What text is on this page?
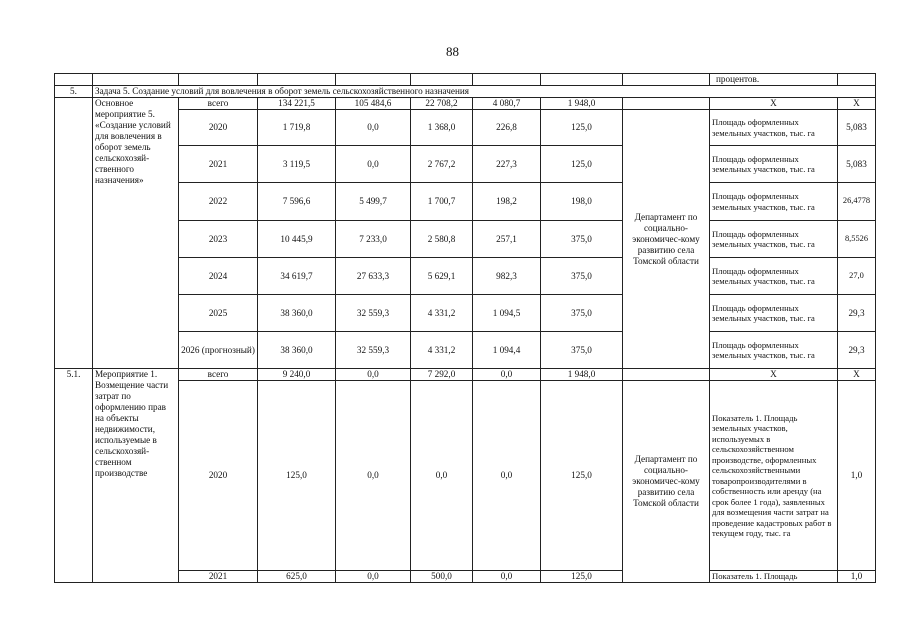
88
									процентов.	
5.	Задача 5. Создание условий для вовлечения в оборот земель сельскохозяйственного назначения									
	Основное мероприятие 5. «Создание условий для вовлечения в оборот земель сельскохозяй-ственного назначения»	всего	134 221,5	105 484,6	22 708,2	4 080,7	1 948,0		X	X
		2020	1 719,8	0,0	1 368,0	226,8	125,0	Департамент по социально-экономичес-кому развитию села Томской области	Площадь оформленных земельных участков, тыс. га	5,083
		2021	3 119,5	0,0	2 767,2	227,3	125,0		Площадь оформленных земельных участков, тыс. га	5,083
		2022	7 596,6	5 499,7	1 700,7	198,2	198,0		Площадь оформленных земельных участков, тыс. га	26,4778
		2023	10 445,9	7 233,0	2 580,8	257,1	375,0		Площадь оформленных земельных участков, тыс. га	8,5526
		2024	34 619,7	27 633,3	5 629,1	982,3	375,0		Площадь оформленных земельных участков, тыс. га	27,0
		2025	38 360,0	32 559,3	4 331,2	1 094,5	375,0		Площадь оформленных земельных участков, тыс. га	29,3
		2026 (прогнозный)	38 360,0	32 559,3	4 331,2	1 094,4	375,0		Площадь оформленных земельных участков, тыс. га	29,3
5.1.	Мероприятие 1. Возмещение части затрат по оформлению прав на объекты недвижимости, используемые в сельскохозяй-ственном производстве	всего	9 240,0	0,0	7 292,0	0,0	1 948,0		X	X
		2020	125,0	0,0	0,0	0,0	125,0	Департамент по социально-экономичес-кому развитию села Томской области	Показатель 1. Площадь земельных участков, используемых в сельскохозяйственном производстве, оформленных сельскохозяйственными товаропроизводителями в собственность или аренду (на срок более 1 года), заявленных для возмещения части затрат на проведение кадастровых работ в текущем году, тыс. га	1,0
		2021	625,0	0,0	500,0	0,0	125,0		Показатель 1. Площадь	1,0
